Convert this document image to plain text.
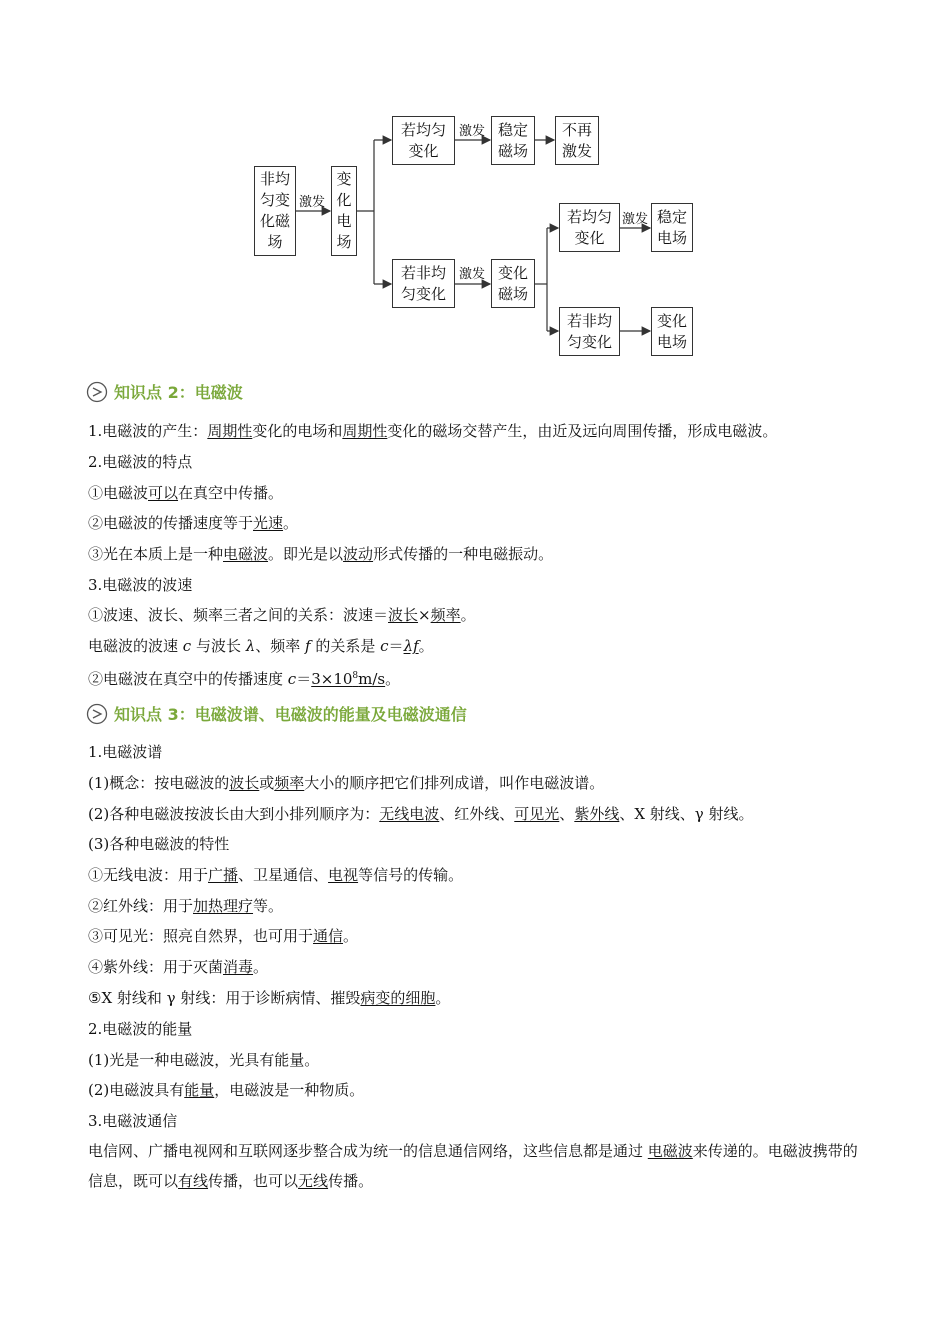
非均匀变化磁场
变化电场
若均匀变化
稳定磁场
不再激发
若非均匀变化
变化磁场
若均匀变化
稳定电场
若非均匀变化
变化电场
激发
激发
激发
激发
知识点 2：电磁波
1.电磁波的产生：周期性变化的电场和周期性变化的磁场交替产生，由近及远向周围传播，形成电磁波。
2.电磁波的特点
①电磁波可以在真空中传播。
②电磁波的传播速度等于光速。
③光在本质上是一种电磁波。即光是以波动形式传播的一种电磁振动。
3.电磁波的波速
①波速、波长、频率三者之间的关系：波速＝波长×频率。
电磁波的波速 c 与波长 λ、频率 f 的关系是 c＝λf。
②电磁波在真空中的传播速度 $c=3\times 10^8m/s$。
知识点 3：电磁波谱、电磁波的能量及电磁波通信
1.电磁波谱
(1)概念：按电磁波的波长或频率大小的顺序把它们排列成谱，叫作电磁波谱。
(2)各种电磁波按波长由大到小排列顺序为：无线电波、红外线、可见光、紫外线、X 射线、γ 射线。
(3)各种电磁波的特性
①无线电波：用于广播、卫星通信、电视等信号的传输。
②红外线：用于加热理疗等。
③可见光：照亮自然界，也可用于通信。
④紫外线：用于灭菌消毒。
⑤X 射线和 γ 射线：用于诊断病情、摧毁病变的细胞。
2.电磁波的能量
(1)光是一种电磁波，光具有能量。
(2)电磁波具有能量，电磁波是一种物质。
3.电磁波通信
电信网、广播电视网和互联网逐步整合成为统一的信息通信网络，这些信息都是通过 电磁波来传递的。电磁波携带的信息，既可以有线传播，也可以无线传播。
